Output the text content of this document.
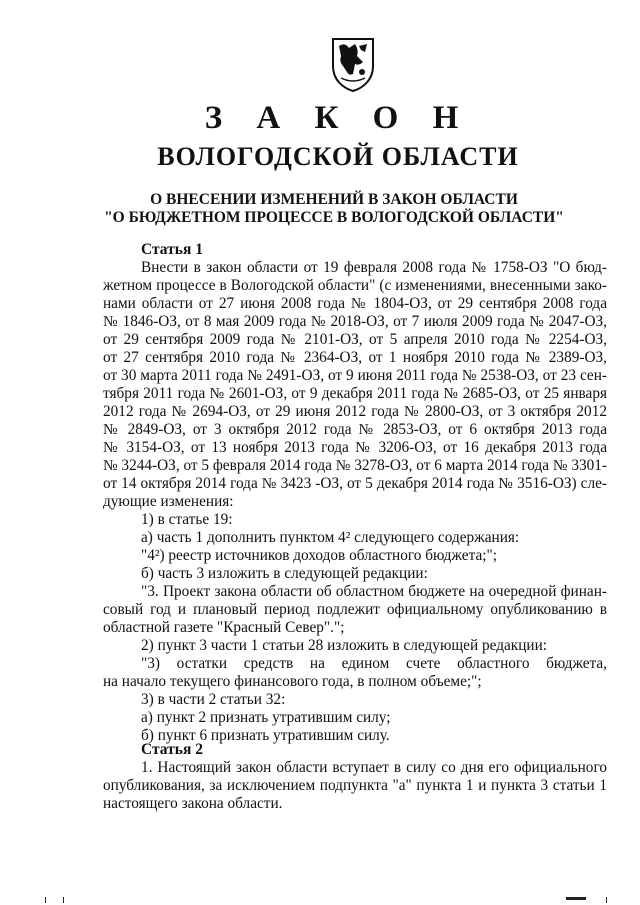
З А К О Н
ВОЛОГОДСКОЙ ОБЛАСТИ
О ВНЕСЕНИИ ИЗМЕНЕНИЙ В ЗАКОН ОБЛАСТИ
"О БЮДЖЕТНОМ ПРОЦЕССЕ В ВОЛОГОДСКОЙ ОБЛАСТИ"
Статья 1
Внести в закон области от 19 февраля 2008 года № 1758-ОЗ "О бюд-
жетном процессе в Вологодской области" (с изменениями, внесенными зако-
нами области от 27 июня 2008 года № 1804-ОЗ, от 29 сентября 2008 года
№ 1846-ОЗ, от 8 мая 2009 года № 2018-ОЗ, от 7 июля 2009 года № 2047-ОЗ,
от 29 сентября 2009 года № 2101-ОЗ, от 5 апреля 2010 года № 2254-ОЗ,
от 27 сентября 2010 года № 2364-ОЗ, от 1 ноября 2010 года № 2389-ОЗ,
от 30 марта 2011 года № 2491-ОЗ, от 9 июня 2011 года № 2538-ОЗ, от 23 сен-
тября 2011 года № 2601-ОЗ, от 9 декабря 2011 года № 2685-ОЗ, от 25 января
2012 года № 2694-ОЗ, от 29 июня 2012 года № 2800-ОЗ, от 3 октября 2012
№ 2849-ОЗ, от 3 октября 2012 года № 2853-ОЗ, от 6 октября 2013 года
№ 3154-ОЗ, от 13 ноября 2013 года № 3206-ОЗ, от 16 декабря 2013 года
№ 3244-ОЗ, от 5 февраля 2014 года № 3278-ОЗ, от 6 марта 2014 года № 3301-
от 14 октября 2014 года № 3423 -ОЗ, от 5 декабря 2014 года № 3516-ОЗ) сле-
дующие изменения:
1) в статье 19:
а) часть 1 дополнить пунктом 4² следующего содержания:
"4²) реестр источников доходов областного бюджета;";
б) часть 3 изложить в следующей редакции:
"3. Проект закона области об областном бюджете на очередной финан-
совый год и плановый период подлежит официальному опубликованию в
областной газете "Красный Север".";
2) пункт 3 части 1 статьи 28 изложить в следующей редакции:
"3) остатки средств на едином счете областного бюджета,
на начало текущего финансового года, в полном объеме;";
3) в части 2 статьи 32:
а) пункт 2 признать утратившим силу;
б) пункт 6 признать утратившим силу.
Статья 2
1. Настоящий закон области вступает в силу со дня его официального
опубликования, за исключением подпункта "а" пункта 1 и пункта 3 статьи 1
настоящего закона области.
